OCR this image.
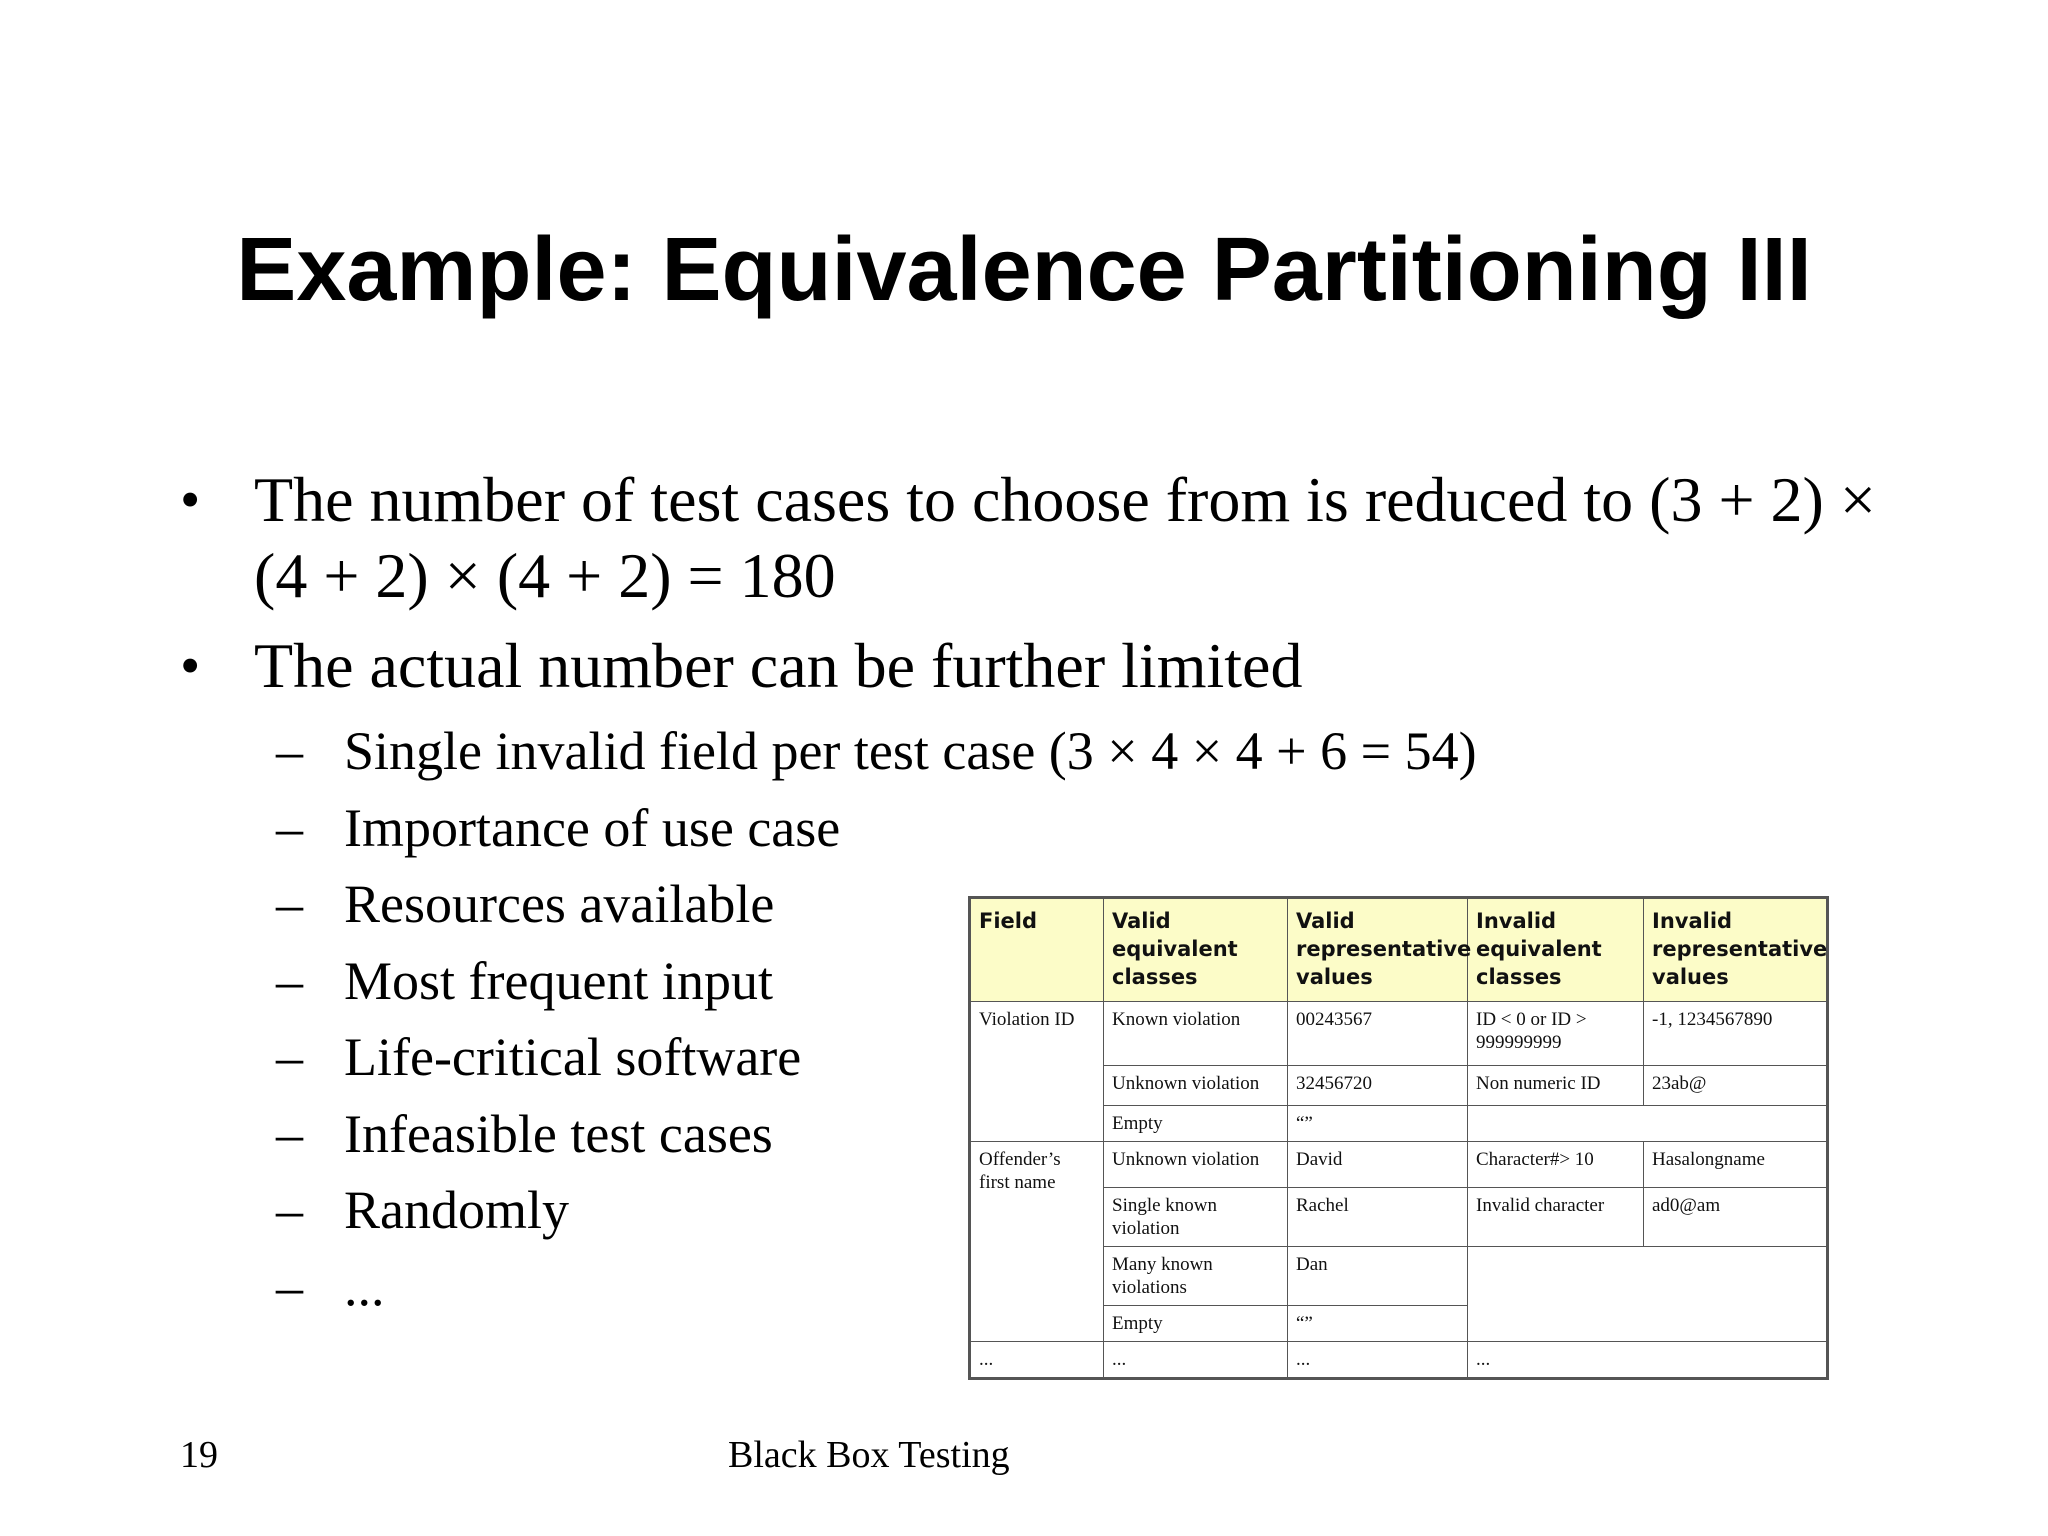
Example: Equivalence Partitioning III
• The number of test cases to choose from is reduced to (3 + 2) × (4 + 2) × (4 + 2) = 180
• The actual number can be further limited
– Single invalid field per test case (3 × 4 × 4 + 6 = 54)
– Importance of use case
– Resources available
– Most frequent input
– Life-critical software
– Infeasible test cases
– Randomly
– ...
Field	Valid equivalent classes	Valid representative values	Invalid equivalent classes	Invalid representative values
Violation ID	Known violation	00243567	ID < 0 or ID > 999999999	-1, 1234567890
	Unknown violation	32456720	Non numeric ID	23ab@
	Empty	“”		
Offender’s first name	Unknown violation	David	Character#> 10	Hasalongname
	Single known violation	Rachel	Invalid character	ad0@am
	Many known violations	Dan		
	Empty	“”		
...	...	...	...	
19	Black Box Testing
